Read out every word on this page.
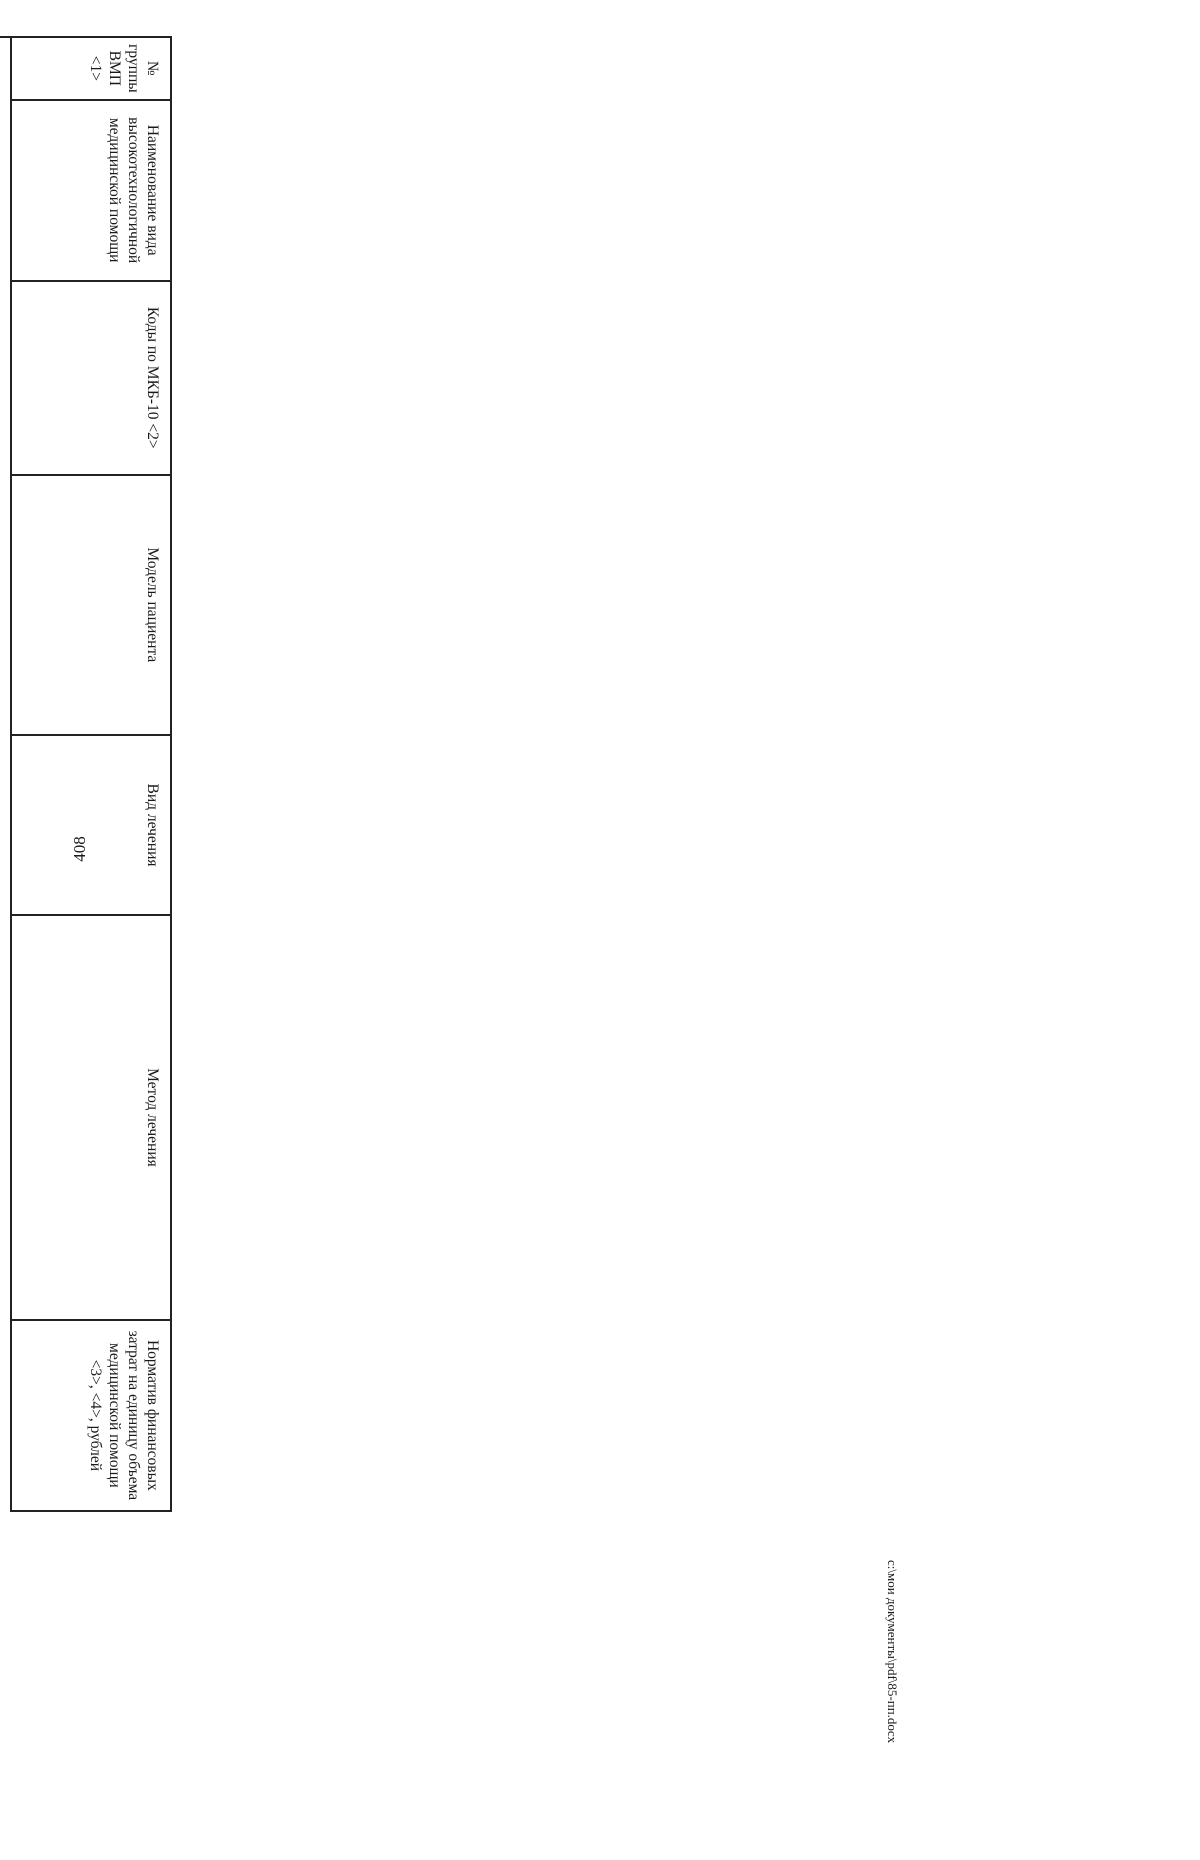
408
№ группы ВМП <1>	Наименование вида высокотехнологичной медицинской помощи	Коды по МКБ-10 <2>	Модель пациента	Вид лечения	Метод лечения	Норматив финансовых затрат на единицу объема медицинской помощи <3>, <4>, рублей

c:\мои документы\pdf\85-пп.docx
